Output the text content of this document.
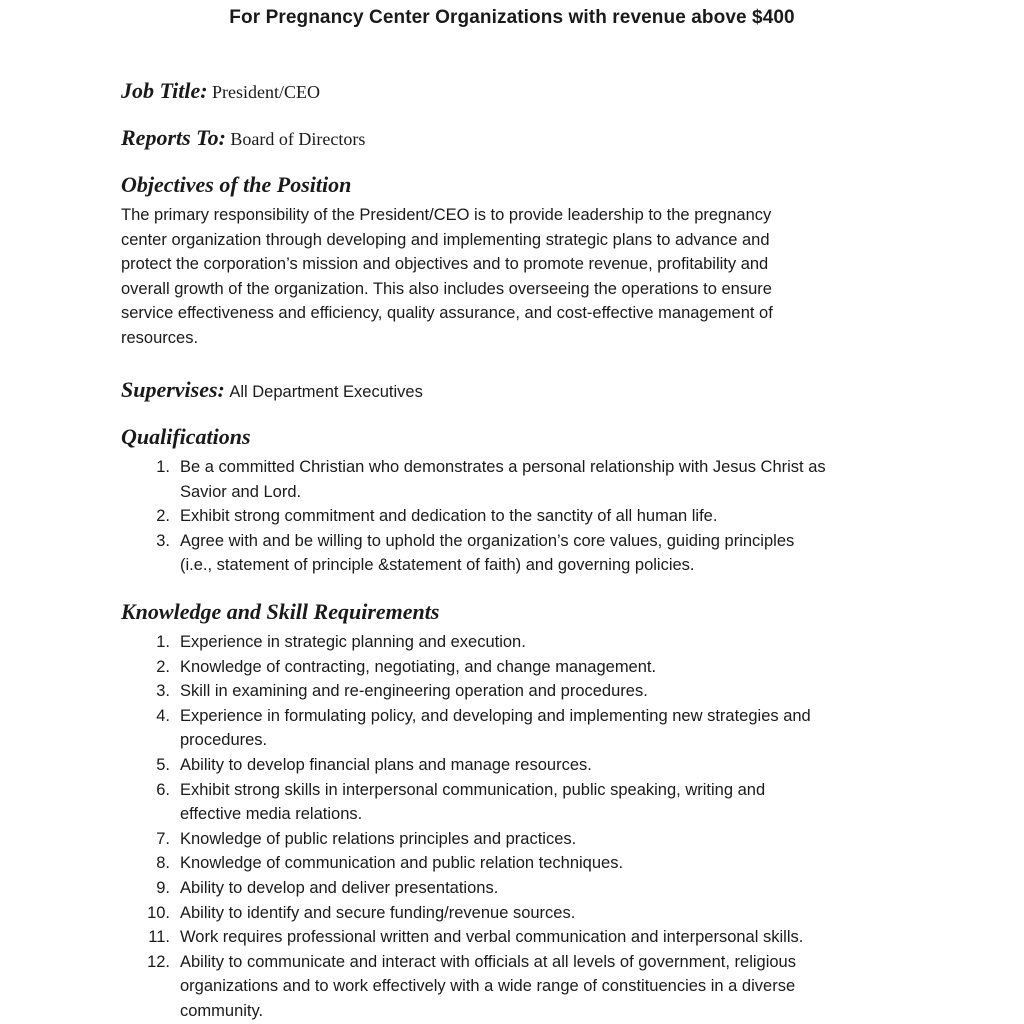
For Pregnancy Center Organizations with revenue above $400
Job Title: President/CEO
Reports To: Board of Directors
Objectives of the Position
The primary responsibility of the President/CEO is to provide leadership to the pregnancy
center organization through developing and implementing strategic plans to advance and
protect the corporation’s mission and objectives and to promote revenue, profitability and
overall growth of the organization. This also includes overseeing the operations to ensure
service effectiveness and efficiency, quality assurance, and cost-effective management of
resources.
Supervises: All Department Executives
Qualifications
1. Be a committed Christian who demonstrates a personal relationship with Jesus Christ as
Savior and Lord.
2. Exhibit strong commitment and dedication to the sanctity of all human life.
3. Agree with and be willing to uphold the organization’s core values, guiding principles
(i.e., statement of principle &statement of faith) and governing policies.
Knowledge and Skill Requirements
1. Experience in strategic planning and execution.
2. Knowledge of contracting, negotiating, and change management.
3. Skill in examining and re-engineering operation and procedures.
4. Experience in formulating policy, and developing and implementing new strategies and
procedures.
5. Ability to develop financial plans and manage resources.
6. Exhibit strong skills in interpersonal communication, public speaking, writing and
effective media relations.
7. Knowledge of public relations principles and practices.
8. Knowledge of communication and public relation techniques.
9. Ability to develop and deliver presentations.
10. Ability to identify and secure funding/revenue sources.
11. Work requires professional written and verbal communication and interpersonal skills.
12. Ability to communicate and interact with officials at all levels of government, religious
organizations and to work effectively with a wide range of constituencies in a diverse
community.
